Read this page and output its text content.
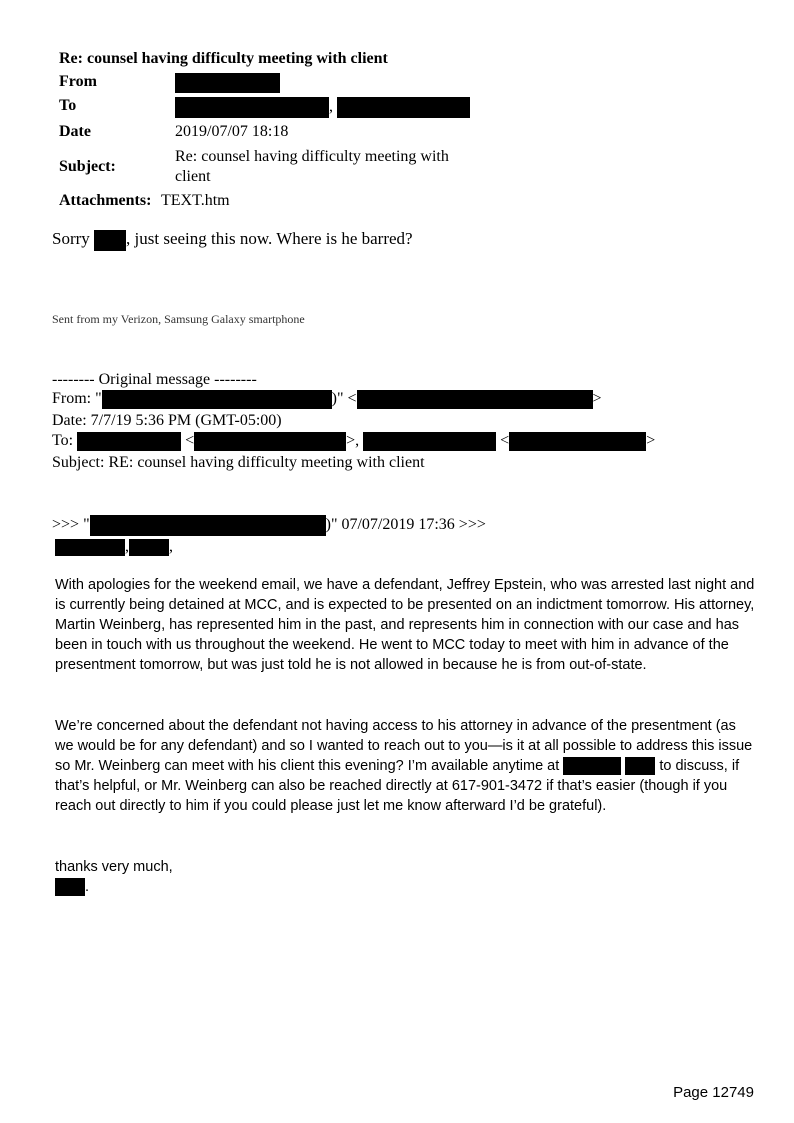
Re: counsel having difficulty meeting with client
From
To	,
Date	2019/07/07 18:18
Subject:
Re: counsel having difficulty meeting with
client
Attachments: TEXT.htm
Sorry , just seeing this now. Where is he barred?
Sent from my Verizon, Samsung Galaxy smartphone
-------- Original message --------
From: "	)" <	>
Date: 7/7/19 5:36 PM (GMT-05:00)
To:	<	>,	<	>
Subject: RE: counsel having difficulty meeting with client
>>> "	)" 07/07/2019 17:36 >>>
,	,
With apologies for the weekend email, we have a defendant, Jeffrey Epstein, who was arrested last night and is currently being detained at MCC, and is expected to be presented on an indictment tomorrow. His attorney, Martin Weinberg, has represented him in the past, and represents him in connection with our case and has been in touch with us throughout the weekend. He went to MCC today to meet with him in advance of the presentment tomorrow, but was just told he is not allowed in because he is from out-of-state.
We’re concerned about the defendant not having access to his attorney in advance of the presentment (as we would be for any defendant) and so I wanted to reach out to you—is it at all possible to address this issue so Mr. Weinberg can meet with his client this evening? I’m available anytime at	to discuss, if that’s helpful, or Mr. Weinberg can also be reached directly at 617-901-3472 if that’s easier (though if you reach out directly to him if you could please just let me know afterward I’d be grateful).
thanks very much,
.
Page 12749
